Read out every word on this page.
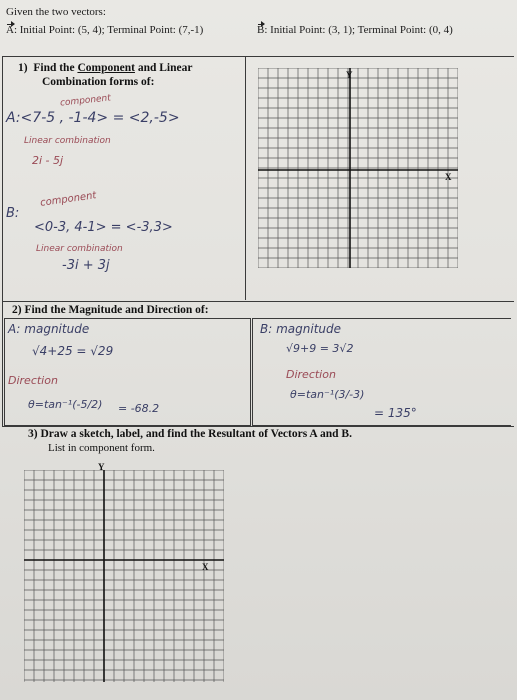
Given the two vectors:
A: Initial Point: (5, 4); Terminal Point: (7,-1)	B: Initial Point: (3, 1); Terminal Point: (0, 4)
1) Find the Component and Linear
Combination forms of:
component
A:<7-5 , -1-4> = <2,-5>
Linear combination
2i - 5j
component
B:
<0-3, 4-1> = <-3,3>
Linear combination
-3i + 3j
Y
X
2) Find the Magnitude and Direction of:
A: magnitude
√4+25 = √29
Direction
θ=tan⁻¹(-5/2) = -68.2
B: magnitude
√9+9 = 3√2
Direction
θ=tan⁻¹(3/-3)
= 135°
3) Draw a sketch, label, and find the Resultant of Vectors A and B.
List in component form.
Y
X
